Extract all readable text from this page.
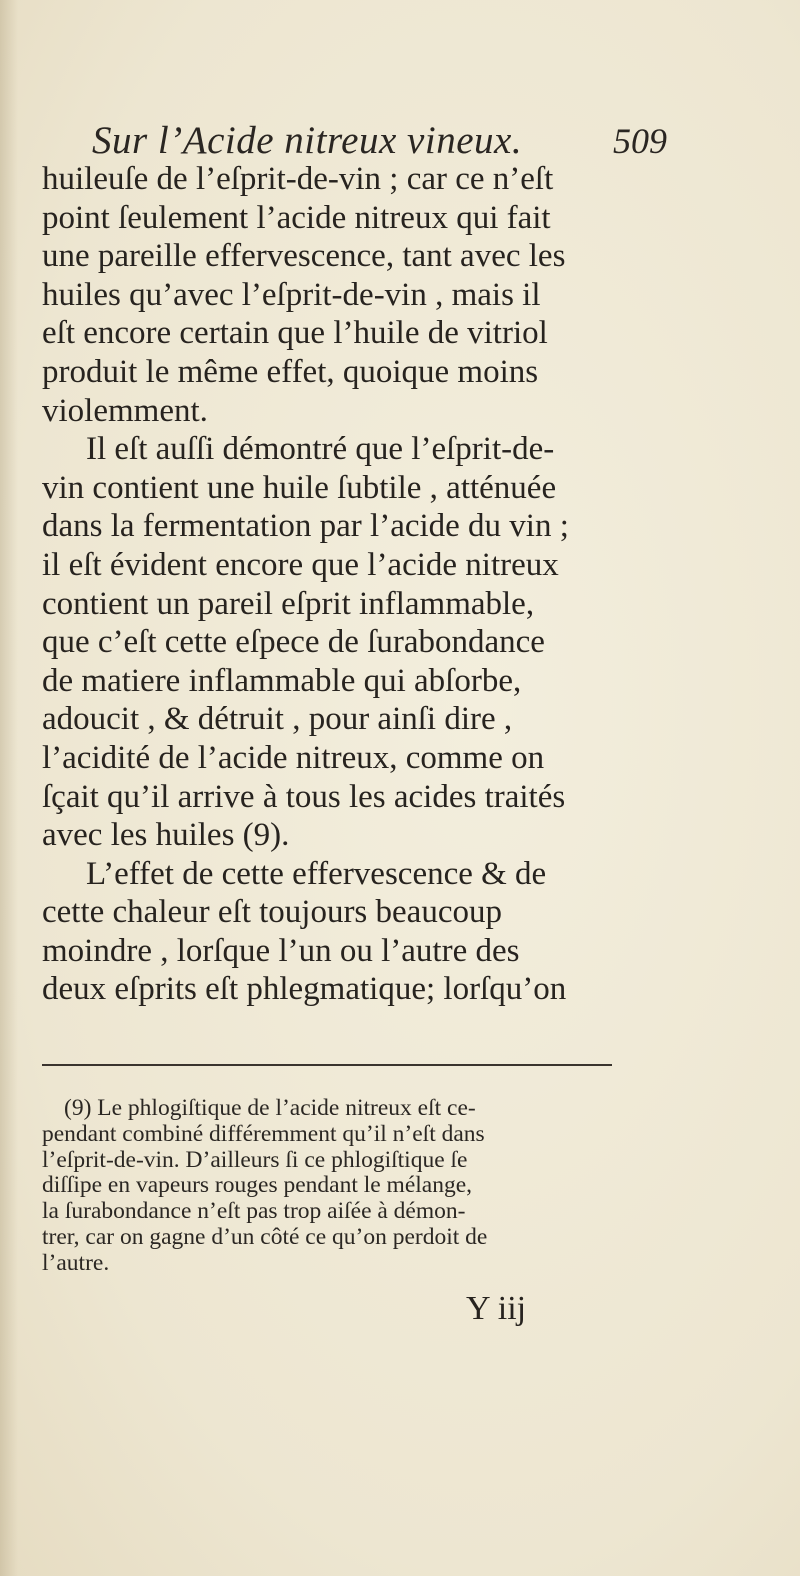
Sur l’Acide nitreux vineux.	509
huileuſe de l’eſprit-de-vin ; car ce n’eſt
point ſeulement l’acide nitreux qui fait
une pareille effervescence, tant avec les
huiles qu’avec l’eſprit-de-vin , mais il
eſt encore certain que l’huile de vitriol
produit le même effet, quoique moins
violemment.
Il eſt auſſi démontré que l’eſprit-de-
vin contient une huile ſubtile , atténuée
dans la fermentation par l’acide du vin ;
il eſt évident encore que l’acide nitreux
contient un pareil eſprit inflammable,
que c’eſt cette eſpece de ſurabondance
de matiere inflammable qui abſorbe,
adoucit , & détruit , pour ainſi dire ,
l’acidité de l’acide nitreux, comme on
ſçait qu’il arrive à tous les acides traités
avec les huiles (9).
L’effet de cette effervescence & de
cette chaleur eſt toujours beaucoup
moindre , lorſque l’un ou l’autre des
deux eſprits eſt phlegmatique; lorſqu’on
(9) Le phlogiſtique de l’acide nitreux eſt ce-
pendant combiné différemment qu’il n’eſt dans
l’eſprit-de-vin. D’ailleurs ſi ce phlogiſtique ſe
diſſipe en vapeurs rouges pendant le mélange,
la ſurabondance n’eſt pas trop aiſée à démon-
trer, car on gagne d’un côté ce qu’on perdoit de
l’autre.
Y iij
